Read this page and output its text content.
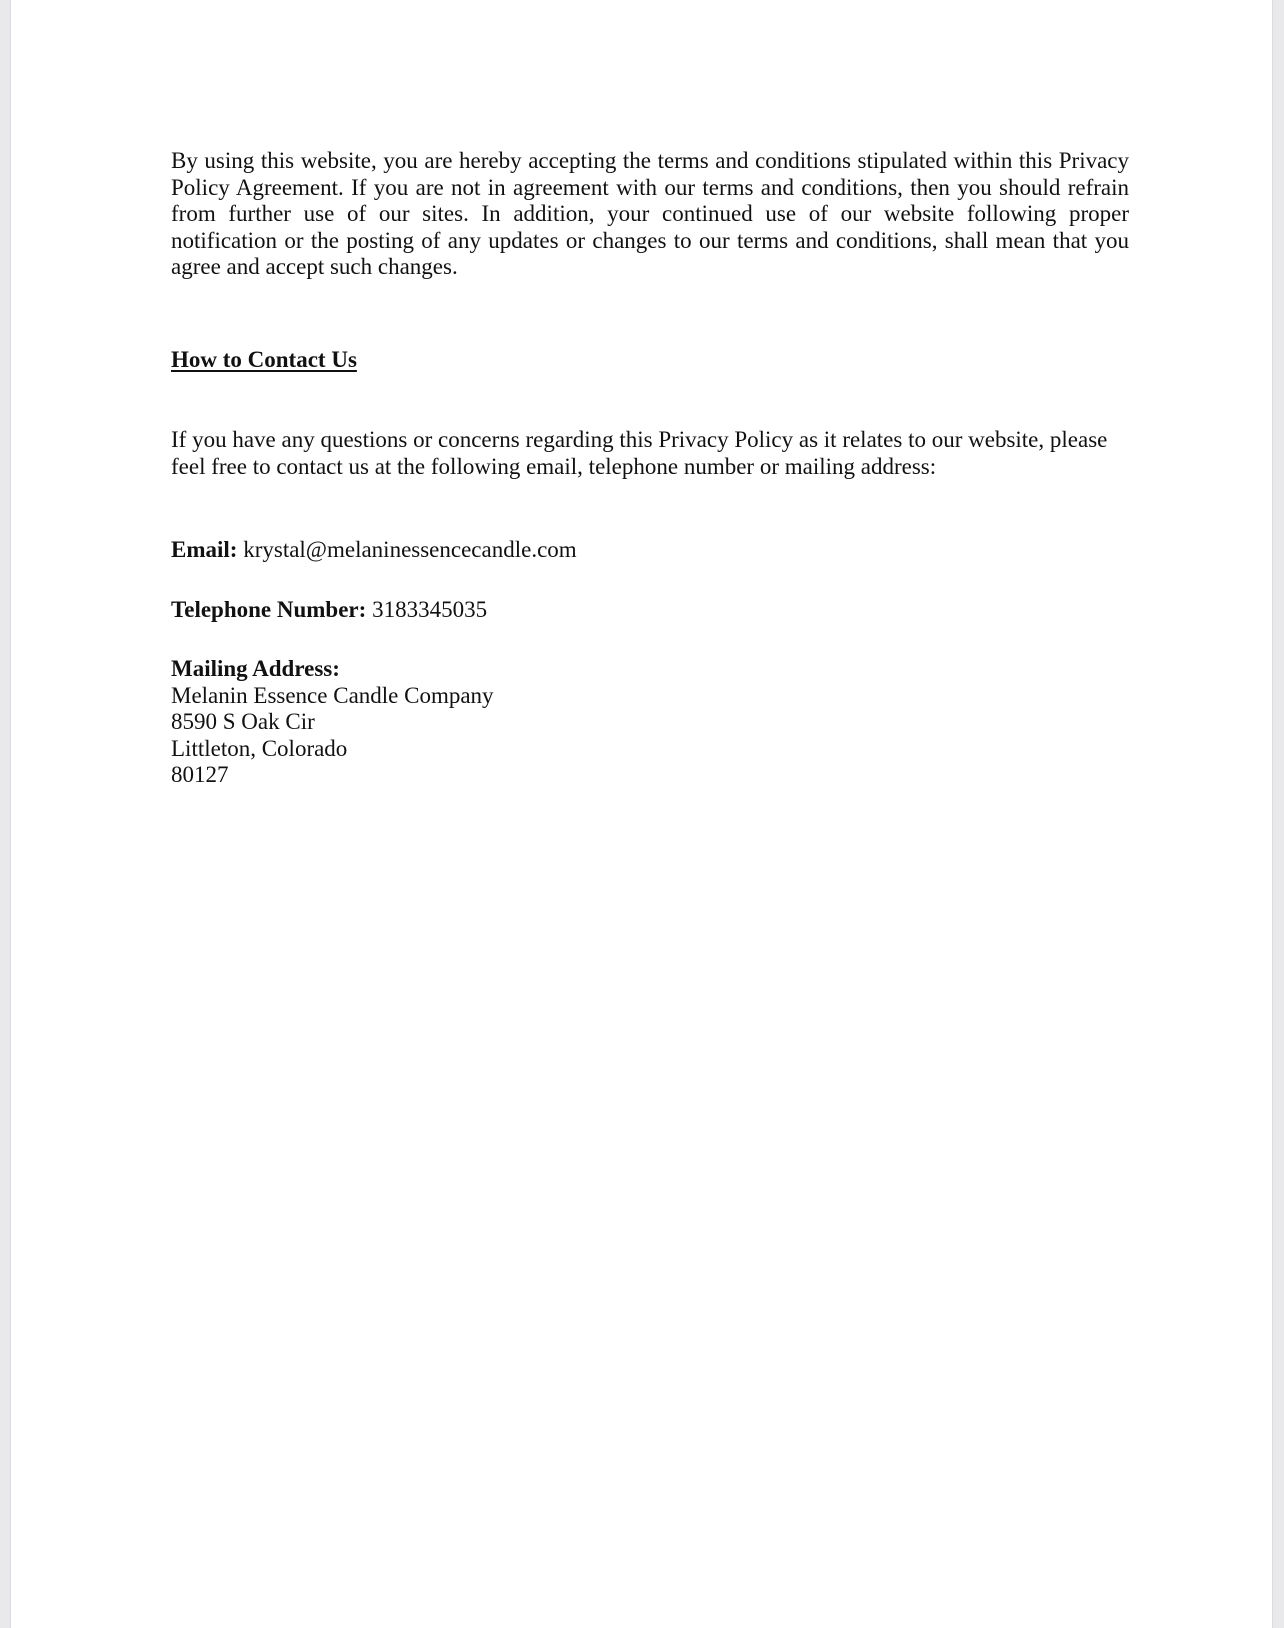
By using this website, you are hereby accepting the terms and conditions stipulated within this Privacy Policy Agreement. If you are not in agreement with our terms and conditions, then you should refrain from further use of our sites. In addition, your continued use of our website following proper notification or the posting of any updates or changes to our terms and conditions, shall mean that you agree and accept such changes.

How to Contact Us

If you have any questions or concerns regarding this Privacy Policy as it relates to our website, please feel free to contact us at the following email, telephone number or mailing address:

Email: krystal@melaninessencecandle.com

Telephone Number: 3183345035

Mailing Address:

Melanin Essence Candle Company

8590 S Oak Cir

Littleton, Colorado

80127
